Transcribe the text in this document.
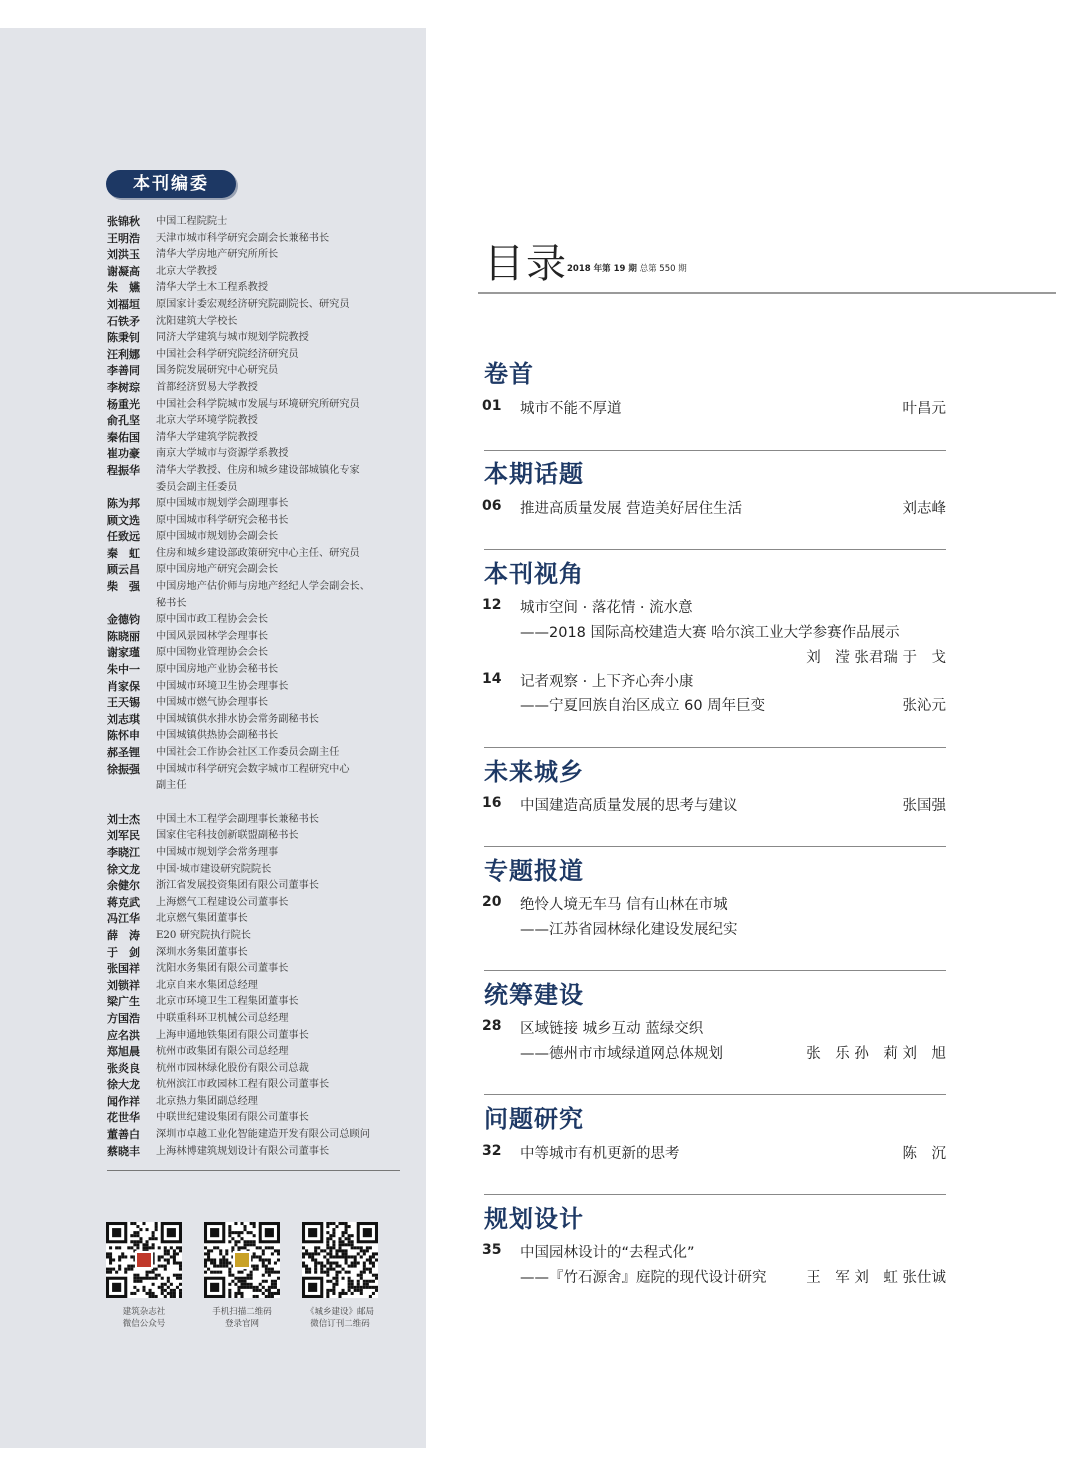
本刊编委
张锦秋	中国工程院院士
王明浩	天津市城市科学研究会副会长兼秘书长
刘洪玉	清华大学房地产研究所所长
谢凝高	北京大学教授
朱　嬿	清华大学土木工程系教授
刘福垣	原国家计委宏观经济研究院副院长、研究员
石铁矛	沈阳建筑大学校长
陈秉钊	同济大学建筑与城市规划学院教授
汪利娜	中国社会科学研究院经济研究员
李善同	国务院发展研究中心研究员
李树琮	首都经济贸易大学教授
杨重光	中国社会科学院城市发展与环境研究所研究员
俞孔坚	北京大学环境学院教授
秦佑国	清华大学建筑学院教授
崔功豪	南京大学城市与资源学系教授
程振华	清华大学教授、住房和城乡建设部城镇化专家
委员会副主任委员
陈为邦	原中国城市规划学会副理事长
顾文选	原中国城市科学研究会秘书长
任致远	原中国城市规划协会副会长
秦　虹	住房和城乡建设部政策研究中心主任、研究员
顾云昌	原中国房地产研究会副会长
柴　强	中国房地产估价师与房地产经纪人学会副会长、
秘书长
金德钧	原中国市政工程协会会长
陈晓丽	中国风景园林学会理事长
谢家瑾	原中国物业管理协会会长
朱中一	原中国房地产业协会秘书长
肖家保	中国城市环境卫生协会理事长
王天锡	中国城市燃气协会理事长
刘志琪	中国城镇供水排水协会常务副秘书长
陈怀申	中国城镇供热协会副秘书长
郝圣锂	中国社会工作协会社区工作委员会副主任
徐振强	中国城市科学研究会数字城市工程研究中心
副主任
刘士杰	中国土木工程学会副理事长兼秘书长
刘军民	国家住宅科技创新联盟副秘书长
李晓江	中国城市规划学会常务理事
徐文龙	中国·城市建设研究院院长
余健尔	浙江省发展投资集团有限公司董事长
蒋克武	上海燃气工程建设公司董事长
冯江华	北京燃气集团董事长
薛　涛	E20 研究院执行院长
于　剑	深圳水务集团董事长
张国祥	沈阳水务集团有限公司董事长
刘锁祥	北京自来水集团总经理
梁广生	北京市环境卫生工程集团董事长
方国浩	中联重科环卫机械公司总经理
应名洪	上海申通地铁集团有限公司董事长
郑旭晨	杭州市政集团有限公司总经理
张炎良	杭州市园林绿化股份有限公司总裁
徐大龙	杭州滨江市政园林工程有限公司董事长
闻作祥	北京热力集团副总经理
花世华	中联世纪建设集团有限公司董事长
董善白	深圳市卓越工业化智能建造开发有限公司总顾问
蔡晓丰	上海林博建筑规划设计有限公司董事长
建筑杂志社
微信公众号
手机扫描二维码
登录官网
《城乡建设》邮局
微信订刊二维码
目录 2018 年第 19 期 总第 550 期
卷首
01 城市不能不厚道	叶昌元
本期话题
06 推进高质量发展 营造美好居住生活	刘志峰
本刊视角
12 城市空间 · 落花情 · 流水意
——2018 国际高校建造大赛 哈尔滨工业大学参赛作品展示
刘　滢 张君瑞 于　戈
14 记者观察 · 上下齐心奔小康
——宁夏回族自治区成立 60 周年巨变	张沁元
未来城乡
16 中国建造高质量发展的思考与建议	张国强
专题报道
20 绝怜人境无车马 信有山林在市城
——江苏省园林绿化建设发展纪实
统筹建设
28 区域链接 城乡互动 蓝绿交织
——德州市市域绿道网总体规划	张　乐 孙　莉 刘　旭
问题研究
32 中等城市有机更新的思考	陈　沉
规划设计
35 中国园林设计的“去程式化”
——『竹石源舍』庭院的现代设计研究	王　军 刘　虹 张仕诚
